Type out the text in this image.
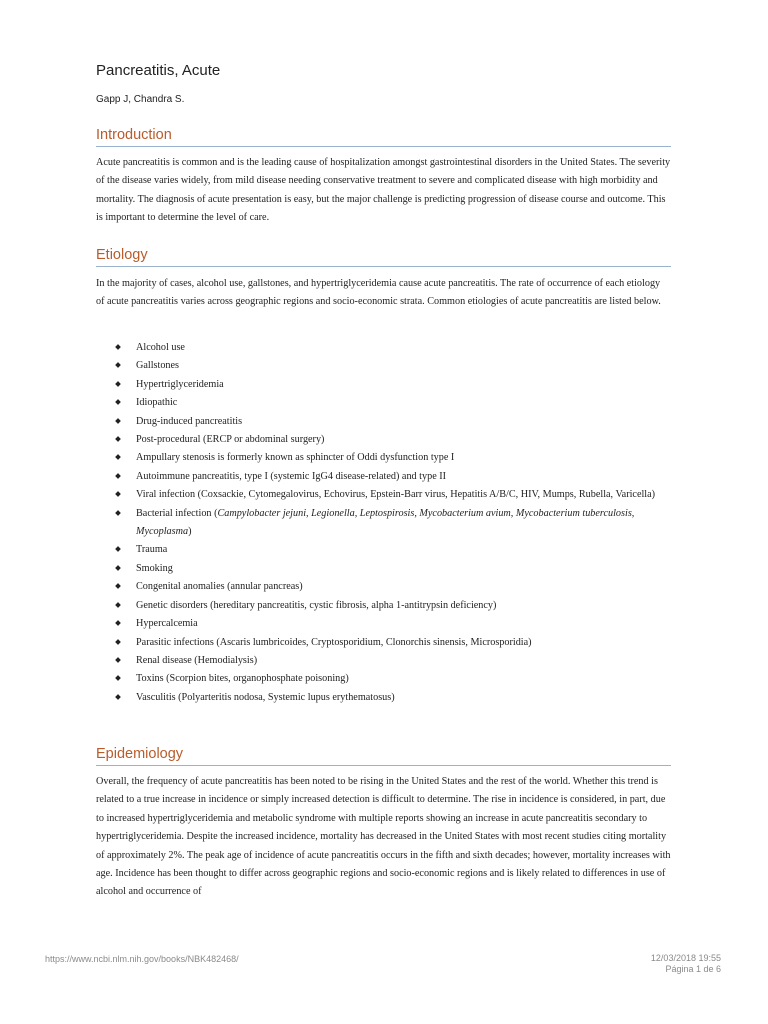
Pancreatitis, Acute
Gapp J, Chandra S.
Introduction

Acute pancreatitis is common and is the leading cause of hospitalization amongst gastrointestinal disorders in the United States. The severity of the disease varies widely, from mild disease needing conservative treatment to severe and complicated disease with high morbidity and mortality. The diagnosis of acute presentation is easy, but the major challenge is predicting progression of disease course and outcome. This is important to determine the level of care.

Etiology

In the majority of cases, alcohol use, gallstones, and hypertriglyceridemia cause acute pancreatitis. The rate of occurrence of each etiology of acute pancreatitis varies across geographic regions and socio-economic strata. Common etiologies of acute pancreatitis are listed below.

Alcohol use
Gallstones
Hypertriglyceridemia
Idiopathic
Drug-induced pancreatitis
Post-procedural (ERCP or abdominal surgery)
Ampullary stenosis is formerly known as sphincter of Oddi dysfunction type I
Autoimmune pancreatitis, type I (systemic IgG4 disease-related) and type II
Viral infection (Coxsackie, Cytomegalovirus, Echovirus, Epstein-Barr virus, Hepatitis A/B/C, HIV, Mumps, Rubella, Varicella)
Bacterial infection (Campylobacter jejuni, Legionella, Leptospirosis, Mycobacterium avium, Mycobacterium tuberculosis, Mycoplasma)
Trauma
Smoking
Congenital anomalies (annular pancreas)
Genetic disorders (hereditary pancreatitis, cystic fibrosis, alpha 1-antitrypsin deficiency)
Hypercalcemia
Parasitic infections (Ascaris lumbricoides, Cryptosporidium, Clonorchis sinensis, Microsporidia)
Renal disease (Hemodialysis)
Toxins (Scorpion bites, organophosphate poisoning)
Vasculitis (Polyarteritis nodosa, Systemic lupus erythematosus)
Epidemiology

Overall, the frequency of acute pancreatitis has been noted to be rising in the United States and the rest of the world. Whether this trend is related to a true increase in incidence or simply increased detection is difficult to determine. The rise in incidence is considered, in part, due to increased hypertriglyceridemia and metabolic syndrome with multiple reports showing an increase in acute pancreatitis secondary to hypertriglyceridemia. Despite the increased incidence, mortality has decreased in the United States with most recent studies citing mortality of approximately 2%. The peak age of incidence of acute pancreatitis occurs in the fifth and sixth decades; however, mortality increases with age. Incidence has been thought to differ across geographic regions and socio-economic regions and is likely related to differences in use of alcohol and occurrence of

https://www.ncbi.nlm.nih.gov/books/NBK482468/	12/03/2018 19:55
Página 1 de 6
